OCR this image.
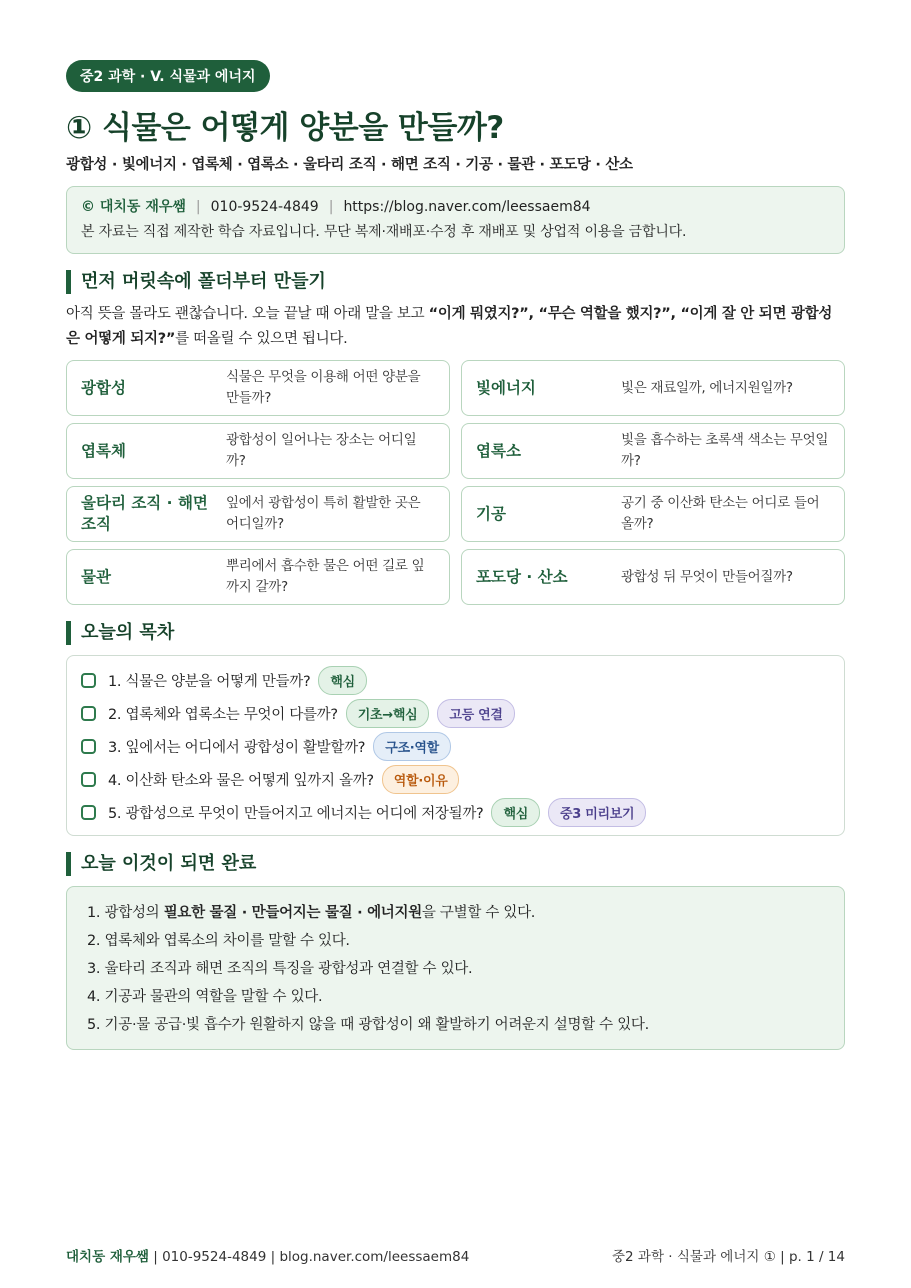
중2 과학 · V. 식물과 에너지
① 식물은 어떻게 양분을 만들까?
광합성 · 빛에너지 · 엽록체 · 엽록소 · 울타리 조직 · 해면 조직 · 기공 · 물관 · 포도당 · 산소
© 대치동 재우쌤 | 010-9524-4849 | https://blog.naver.com/leessaem84
본 자료는 직접 제작한 학습 자료입니다. 무단 복제·재배포·수정 후 재배포 및 상업적 이용을 금합니다.
먼저 머릿속에 폴더부터 만들기
아직 뜻을 몰라도 괜찮습니다. 오늘 끝날 때 아래 말을 보고 “이게 뭐였지?”, “무슨 역할을 했지?”, “이게 잘 안 되면 광합성은 어떻게 되지?”를 떠올릴 수 있으면 됩니다.
광합성
식물은 무엇을 이용해 어떤 양분을 만들까?
빛에너지	빛은 재료일까, 에너지원일까?
엽록체
광합성이 일어나는 장소는 어디일까?
엽록소
빛을 흡수하는 초록색 색소는 무엇일까?
울타리 조직 · 해면 조직
잎에서 광합성이 특히 활발한 곳은 어디일까?
기공
공기 중 이산화 탄소는 어디로 들어올까?
물관
뿌리에서 흡수한 물은 어떤 길로 잎까지 갈까?
포도당 · 산소	광합성 뒤 무엇이 만들어질까?
오늘의 목차
1. 식물은 양분을 어떻게 만들까?	핵심
2. 엽록체와 엽록소는 무엇이 다를까?	기초→핵심	고등 연결
3. 잎에서는 어디에서 광합성이 활발할까?	구조·역할
4. 이산화 탄소와 물은 어떻게 잎까지 올까?	역할·이유
5. 광합성으로 무엇이 만들어지고 에너지는 어디에 저장될까?	핵심	중3 미리보기
오늘 이것이 되면 완료
1. 광합성의 필요한 물질 · 만들어지는 물질 · 에너지원을 구별할 수 있다.
2. 엽록체와 엽록소의 차이를 말할 수 있다.
3. 울타리 조직과 해면 조직의 특징을 광합성과 연결할 수 있다.
4. 기공과 물관의 역할을 말할 수 있다.
5. 기공·물 공급·빛 흡수가 원활하지 않을 때 광합성이 왜 활발하기 어려운지 설명할 수 있다.
대치동 재우쌤 | 010-9524-4849 | blog.naver.com/leessaem84	중2 과학 · 식물과 에너지 ① | p. 1 / 14
